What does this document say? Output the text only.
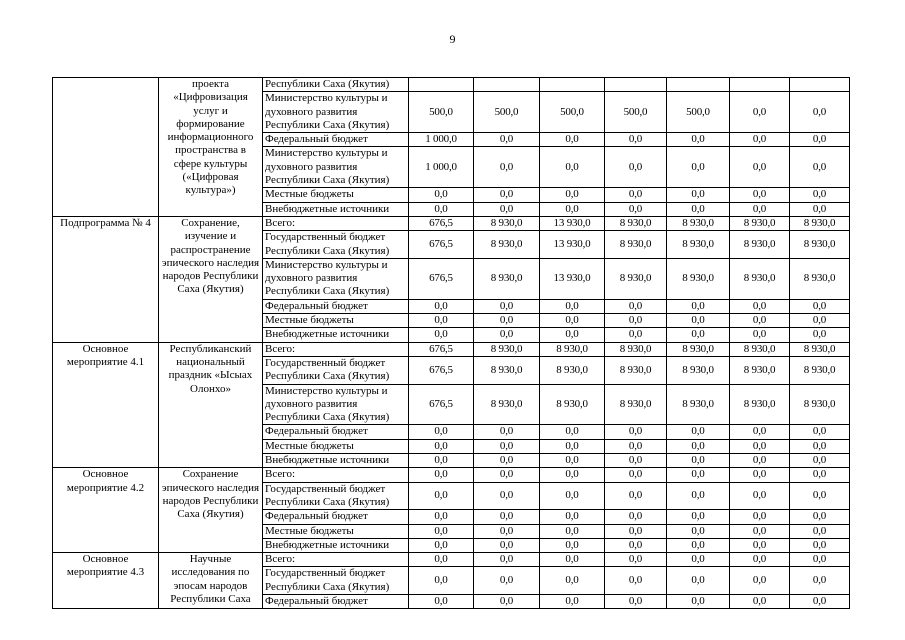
9
	проекта «Цифровизация услуг и формирование информационного пространства в сфере культуры («Цифровая культура»)	Республики Саха (Якутия)							
		Министерство культуры и духовного развития Республики Саха (Якутия)	500,0	500,0	500,0	500,0	500,0	0,0	0,0
		Федеральный бюджет	1 000,0	0,0	0,0	0,0	0,0	0,0	0,0
		Министерство культуры и духовного развития Республики Саха (Якутия)	1 000,0	0,0	0,0	0,0	0,0	0,0	0,0
		Местные бюджеты	0,0	0,0	0,0	0,0	0,0	0,0	0,0
		Внебюджетные источники	0,0	0,0	0,0	0,0	0,0	0,0	0,0
Подпрограмма № 4	Сохранение, изучение и распространение эпического наследия народов Республики Саха (Якутия)	Всего:	676,5	8 930,0	13 930,0	8 930,0	8 930,0	8 930,0	8 930,0
		Государственный бюджет Республики Саха (Якутия)	676,5	8 930,0	13 930,0	8 930,0	8 930,0	8 930,0	8 930,0
		Министерство культуры и духовного развития Республики Саха (Якутия)	676,5	8 930,0	13 930,0	8 930,0	8 930,0	8 930,0	8 930,0
		Федеральный бюджет	0,0	0,0	0,0	0,0	0,0	0,0	0,0
		Местные бюджеты	0,0	0,0	0,0	0,0	0,0	0,0	0,0
		Внебюджетные источники	0,0	0,0	0,0	0,0	0,0	0,0	0,0
Основное мероприятие 4.1	Республиканский национальный праздник «Ысыах Олонхо»	Всего:	676,5	8 930,0	8 930,0	8 930,0	8 930,0	8 930,0	8 930,0
		Государственный бюджет Республики Саха (Якутия)	676,5	8 930,0	8 930,0	8 930,0	8 930,0	8 930,0	8 930,0
		Министерство культуры и духовного развития Республики Саха (Якутия)	676,5	8 930,0	8 930,0	8 930,0	8 930,0	8 930,0	8 930,0
		Федеральный бюджет	0,0	0,0	0,0	0,0	0,0	0,0	0,0
		Местные бюджеты	0,0	0,0	0,0	0,0	0,0	0,0	0,0
		Внебюджетные источники	0,0	0,0	0,0	0,0	0,0	0,0	0,0
Основное мероприятие 4.2	Сохранение эпического наследия народов Республики Саха (Якутия)	Всего:	0,0	0,0	0,0	0,0	0,0	0,0	0,0
		Государственный бюджет Республики Саха (Якутия)	0,0	0,0	0,0	0,0	0,0	0,0	0,0
		Федеральный бюджет	0,0	0,0	0,0	0,0	0,0	0,0	0,0
		Местные бюджеты	0,0	0,0	0,0	0,0	0,0	0,0	0,0
		Внебюджетные источники	0,0	0,0	0,0	0,0	0,0	0,0	0,0
Основное мероприятие 4.3	Научные исследования по эпосам народов Республики Саха	Всего:	0,0	0,0	0,0	0,0	0,0	0,0	0,0
		Государственный бюджет Республики Саха (Якутия)	0,0	0,0	0,0	0,0	0,0	0,0	0,0
		Федеральный бюджет	0,0	0,0	0,0	0,0	0,0	0,0	0,0
